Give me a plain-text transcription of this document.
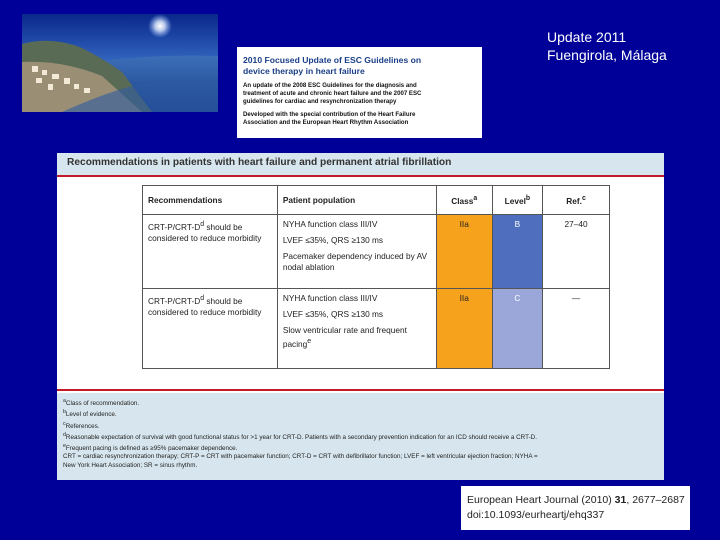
Update 2011
Fuengirola, Málaga
2010 Focused Update of ESC Guidelines on
device therapy in heart failure
An update of the 2008 ESC Guidelines for the diagnosis and
treatment of acute and chronic heart failure and the 2007 ESC
guidelines for cardiac and resynchronization therapy
Developed with the special contribution of the Heart Failure
Association and the European Heart Rhythm Association
Recommendations in patients with heart failure and permanent atrial fibrillation
Recommendations	Patient population	Class$^a$	Level$^b$	Ref.$^c$
CRT-$P/CRT-D^d$ should be considered to reduce morbidity	NYHA function class III/IV
LVEF ≤35%, QRS ≥130 ms
Pacemaker dependency induced by AV nodal ablation	IIa	B	27–40
CRT-$P/CRT-D^d$ should be considered to reduce morbidity	NYHA function class III/IV
LVEF ≤35%, QRS ≥130 ms
Slow ventricular rate and frequent pacing$^e$	IIa	C	—
$^a$Class of recommendation.
$^b$Level of evidence.
$^c$References.
$^d$Reasonable expectation of survival with good functional status for >1 year for CRT-D. Patients with a secondary prevention indication for an ICD should receive a CRT-D.
$^e$Frequent pacing is defined as ≥95% pacemaker dependence.
CRT = cardiac resynchronization therapy; CRT-P = CRT with pacemaker function; CRT-D = CRT with defibrillator function; LVEF = left ventricular ejection fraction; NYHA =
New York Heart Association; SR = sinus rhythm.
European Heart Journal (2010) 31, 2677–2687
doi:10.1093/eurheartj/ehq337
